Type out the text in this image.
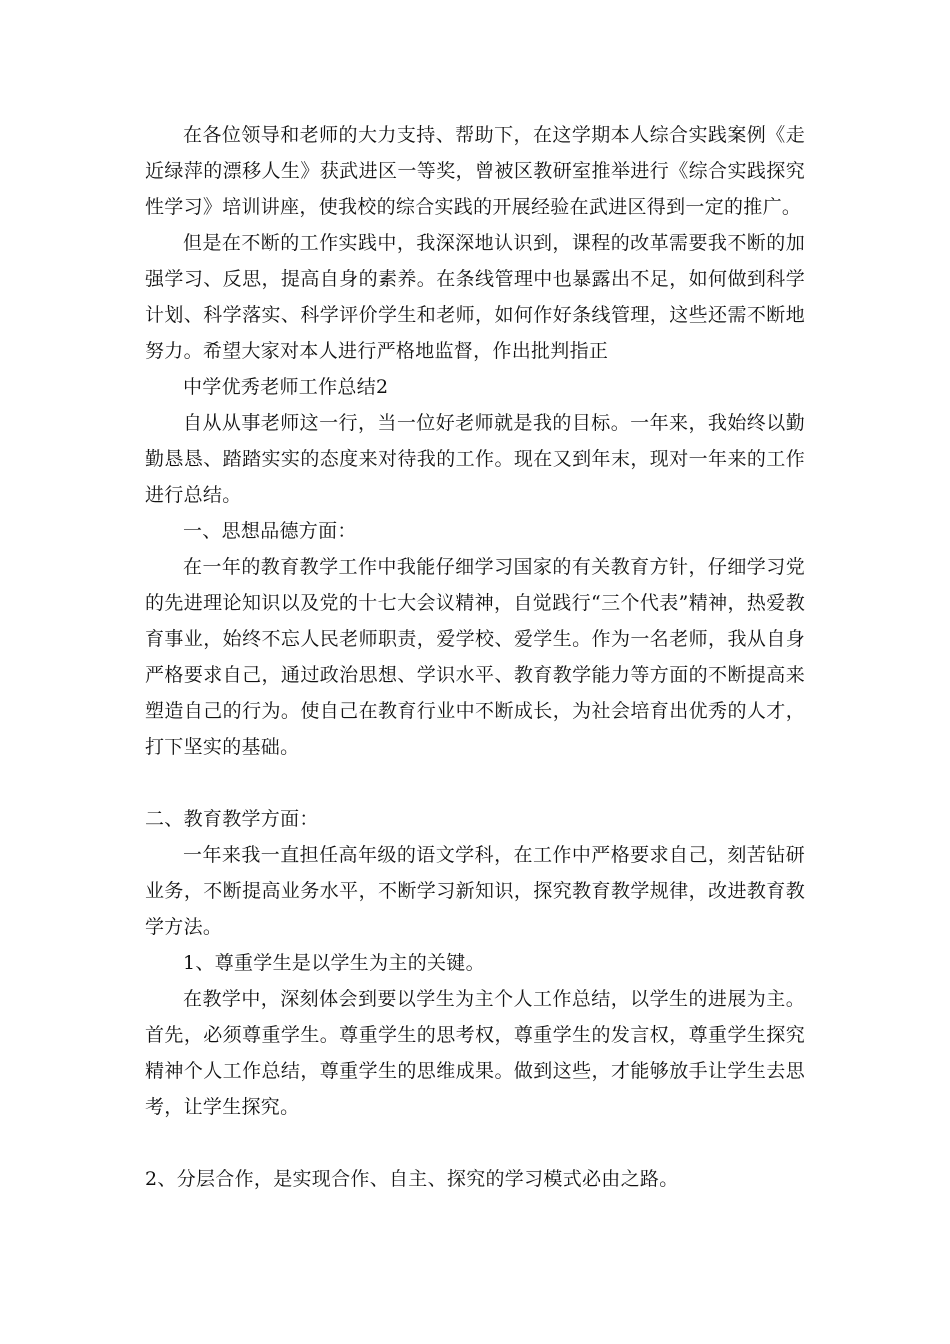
在各位领导和老师的大力支持、帮助下，在这学期本人综合实践案例《走近绿萍的漂移人生》获武进区一等奖，曾被区教研室推举进行《综合实践探究性学习》培训讲座，使我校的综合实践的开展经验在武进区得到一定的推广。

但是在不断的工作实践中，我深深地认识到，课程的改革需要我不断的加强学习、反思，提高自身的素养。在条线管理中也暴露出不足，如何做到科学计划、科学落实、科学评价学生和老师，如何作好条线管理，这些还需不断地努力。希望大家对本人进行严格地监督，作出批判指正

中学优秀老师工作总结2

自从从事老师这一行，当一位好老师就是我的目标。一年来，我始终以勤勤恳恳、踏踏实实的态度来对待我的工作。现在又到年末，现对一年来的工作进行总结。

一、思想品德方面：

在一年的教育教学工作中我能仔细学习国家的有关教育方针，仔细学习党的先进理论知识以及党的十七大会议精神，自觉践行“三个代表”精神，热爱教育事业，始终不忘人民老师职责，爱学校、爱学生。作为一名老师，我从自身严格要求自己，通过政治思想、学识水平、教育教学能力等方面的不断提高来塑造自己的行为。使自己在教育行业中不断成长，为社会培育出优秀的人才，打下坚实的基础。

二、教育教学方面：

一年来我一直担任高年级的语文学科，在工作中严格要求自己，刻苦钻研业务，不断提高业务水平，不断学习新知识，探究教育教学规律，改进教育教学方法。

1、尊重学生是以学生为主的关键。

在教学中，深刻体会到要以学生为主个人工作总结，以学生的进展为主。首先，必须尊重学生。尊重学生的思考权，尊重学生的发言权，尊重学生探究精神个人工作总结，尊重学生的思维成果。做到这些，才能够放手让学生去思考，让学生探究。

2、分层合作，是实现合作、自主、探究的学习模式必由之路。
